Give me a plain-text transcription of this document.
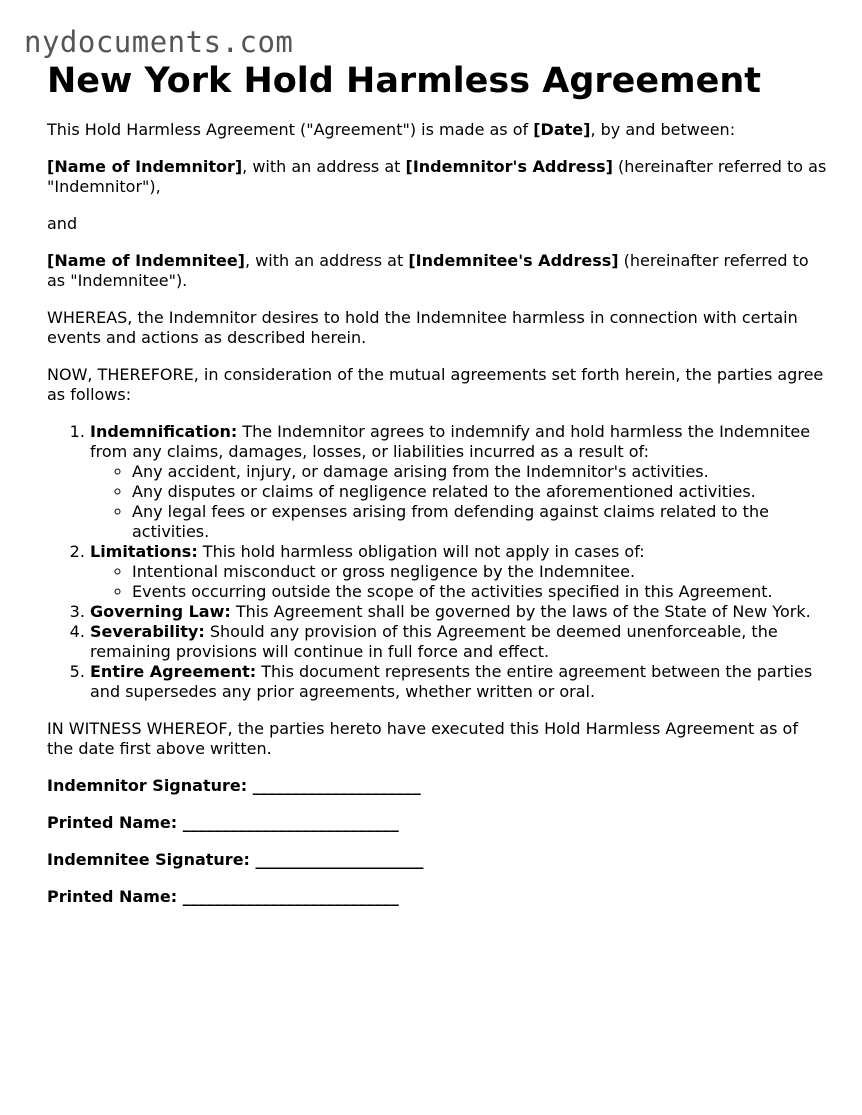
nydocuments.com
New York Hold Harmless Agreement

This Hold Harmless Agreement ("Agreement") is made as of [Date], by and between:

[Name of Indemnitor], with an address at [Indemnitor's Address] (hereinafter referred to as "Indemnitor"),

and

[Name of Indemnitee], with an address at [Indemnitee's Address] (hereinafter referred to as "Indemnitee").

WHEREAS, the Indemnitor desires to hold the Indemnitee harmless in connection with certain events and actions as described herein.

NOW, THEREFORE, in consideration of the mutual agreements set forth herein, the parties agree as follows:

1. Indemnification: The Indemnitor agrees to indemnify and hold harmless the Indemnitee from any claims, damages, losses, or liabilities incurred as a result of:
◦ Any accident, injury, or damage arising from the Indemnitor's activities.
◦ Any disputes or claims of negligence related to the aforementioned activities.
◦ Any legal fees or expenses arising from defending against claims related to the activities.
2. Limitations: This hold harmless obligation will not apply in cases of:
◦ Intentional misconduct or gross negligence by the Indemnitee.
◦ Events occurring outside the scope of the activities specified in this Agreement.
3. Governing Law: This Agreement shall be governed by the laws of the State of New York.
4. Severability: Should any provision of this Agreement be deemed unenforceable, the remaining provisions will continue in full force and effect.
5. Entire Agreement: This document represents the entire agreement between the parties and supersedes any prior agreements, whether written or oral.

IN WITNESS WHEREOF, the parties hereto have executed this Hold Harmless Agreement as of the date first above written.

Indemnitor Signature: _____________________
Printed Name: ___________________________
Indemnitee Signature: _____________________
Printed Name: ___________________________
